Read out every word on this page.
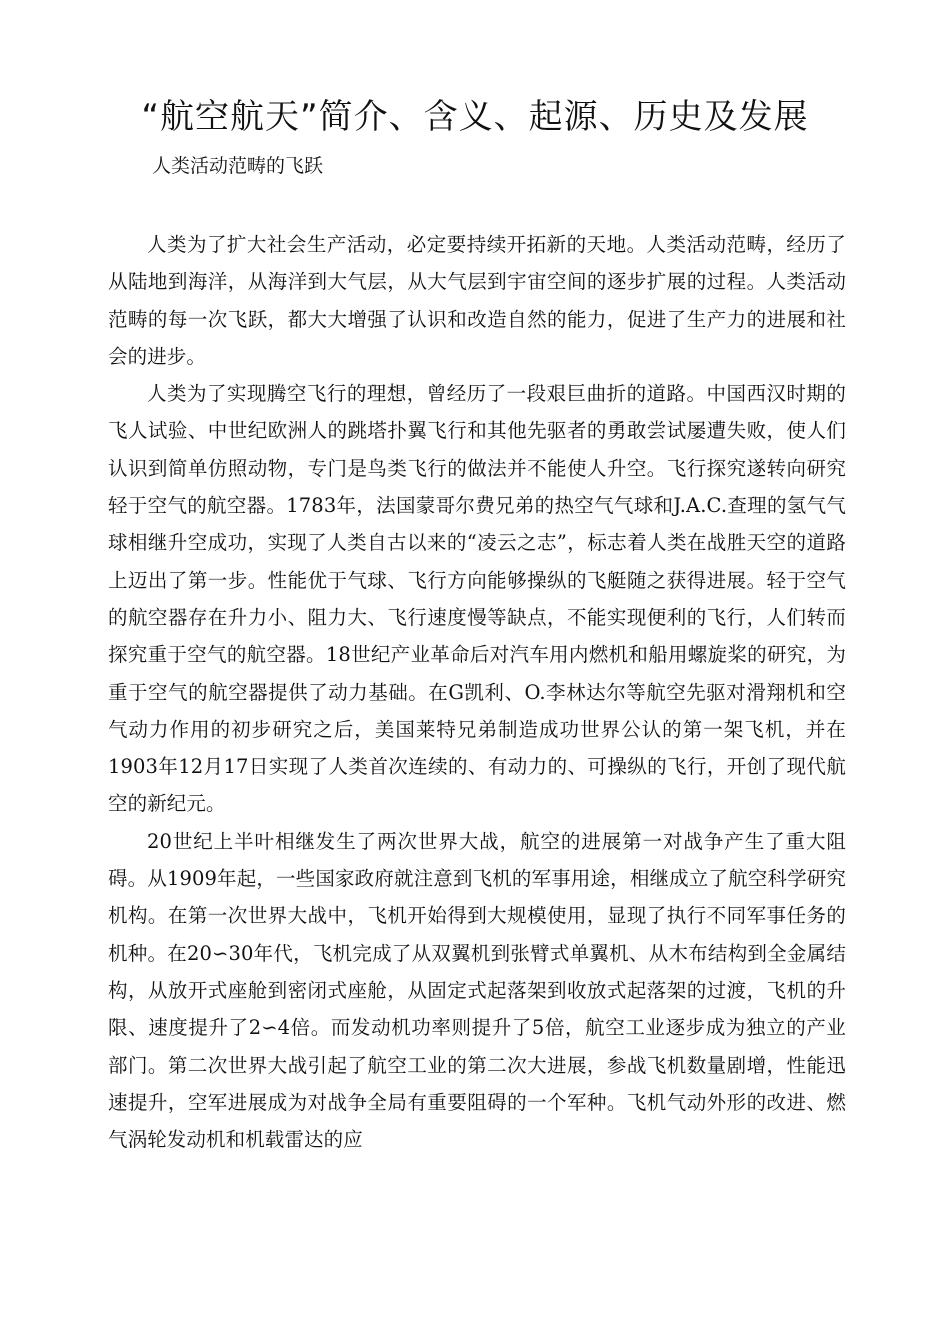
“航空航天”简介、含义、起源、历史及发展
人类活动范畴的飞跃

人类为了扩大社会生产活动，必定要持续开拓新的天地。人类活动范畴，经历了从陆地到海洋，从海洋到大气层，从大气层到宇宙空间的逐步扩展的过程。人类活动范畴的每一次飞跃，都大大增强了认识和改造自然的能力，促进了生产力的进展和社会的进步。

人类为了实现腾空飞行的理想，曾经历了一段艰巨曲折的道路。中国西汉时期的飞人试验、中世纪欧洲人的跳塔扑翼飞行和其他先驱者的勇敢尝试屡遭失败，使人们认识到简单仿照动物，专门是鸟类飞行的做法并不能使人升空。飞行探究遂转向研究轻于空气的航空器。1783年，法国蒙哥尔费兄弟的热空气气球和J.A.C.查理的氢气气球相继升空成功，实现了人类自古以来的“凌云之志”，标志着人类在战胜天空的道路上迈出了第一步。性能优于气球、飞行方向能够操纵的飞艇随之获得进展。轻于空气的航空器存在升力小、阻力大、飞行速度慢等缺点，不能实现便利的飞行，人们转而探究重于空气的航空器。18世纪产业革命后对汽车用内燃机和船用螺旋桨的研究，为重于空气的航空器提供了动力基础。在G凯利、O.李林达尔等航空先驱对滑翔机和空气动力作用的初步研究之后，美国莱特兄弟制造成功世界公认的第一架飞机，并在1903年12月17日实现了人类首次连续的、有动力的、可操纵的飞行，开创了现代航空的新纪元。

20世纪上半叶相继发生了两次世界大战，航空的进展第一对战争产生了重大阻碍。从1909年起，一些国家政府就注意到飞机的军事用途，相继成立了航空科学研究机构。在第一次世界大战中，飞机开始得到大规模使用，显现了执行不同军事任务的机种。在20∽30年代，飞机完成了从双翼机到张臂式单翼机、从木布结构到全金属结构，从放开式座舱到密闭式座舱，从固定式起落架到收放式起落架的过渡，飞机的升限、速度提升了2∽4倍。而发动机功率则提升了5倍，航空工业逐步成为独立的产业部门。第二次世界大战引起了航空工业的第二次大进展，参战飞机数量剧增，性能迅速提升，空军进展成为对战争全局有重要阻碍的一个军种。飞机气动外形的改进、燃气涡轮发动机和机载雷达的应
